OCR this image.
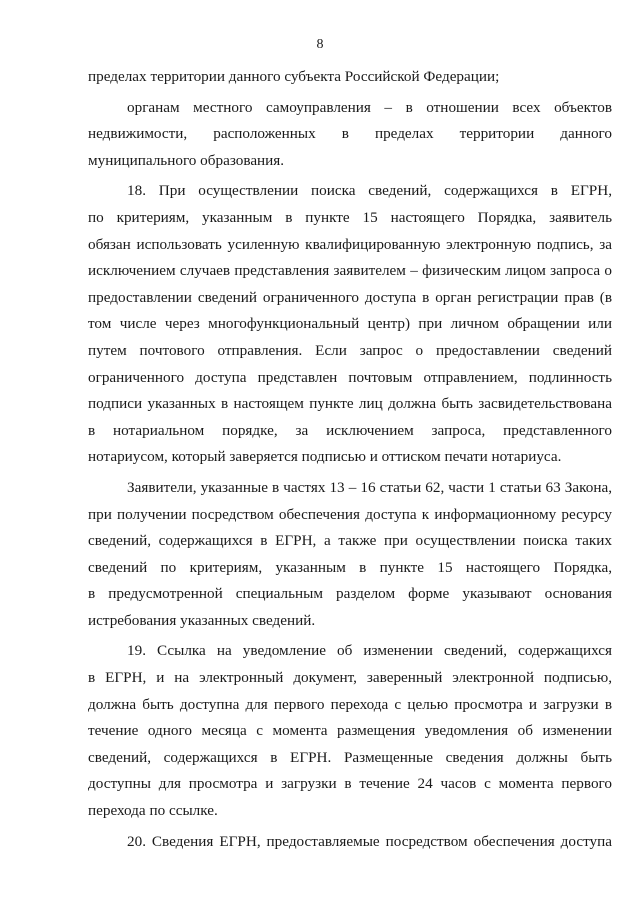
8
пределах территории данного субъекта Российской Федерации;
органам местного самоуправления – в отношении всех объектов
недвижимости, расположенных в пределах территории данного
муниципального образования.
18. При осуществлении поиска сведений, содержащихся в ЕГРН,
по критериям, указанным в пункте 15 настоящего Порядка, заявитель
обязан использовать усиленную квалифицированную электронную подпись, за
исключением случаев представления заявителем – физическим лицом запроса о
предоставлении сведений ограниченного доступа в орган регистрации прав (в
том числе через многофункциональный центр) при личном обращении или
путем почтового отправления. Если запрос о предоставлении сведений
ограниченного доступа представлен почтовым отправлением, подлинность
подписи указанных в настоящем пункте лиц должна быть засвидетельствована
в нотариальном порядке, за исключением запроса, представленного
нотариусом, который заверяется подписью и оттиском печати нотариуса.
Заявители, указанные в частях 13 – 16 статьи 62, части 1 статьи 63 Закона,
при получении посредством обеспечения доступа к информационному ресурсу
сведений, содержащихся в ЕГРН, а также при осуществлении поиска таких
сведений по критериям, указанным в пункте 15 настоящего Порядка,
в предусмотренной специальным разделом форме указывают основания
истребования указанных сведений.
19. Ссылка на уведомление об изменении сведений, содержащихся
в ЕГРН, и на электронный документ, заверенный электронной подписью,
должна быть доступна для первого перехода с целью просмотра и загрузки в
течение одного месяца с момента размещения уведомления об изменении
сведений, содержащихся в ЕГРН. Размещенные сведения должны быть
доступны для просмотра и загрузки в течение 24 часов с момента первого
перехода по ссылке.
20. Сведения ЕГРН, предоставляемые посредством обеспечения доступа
